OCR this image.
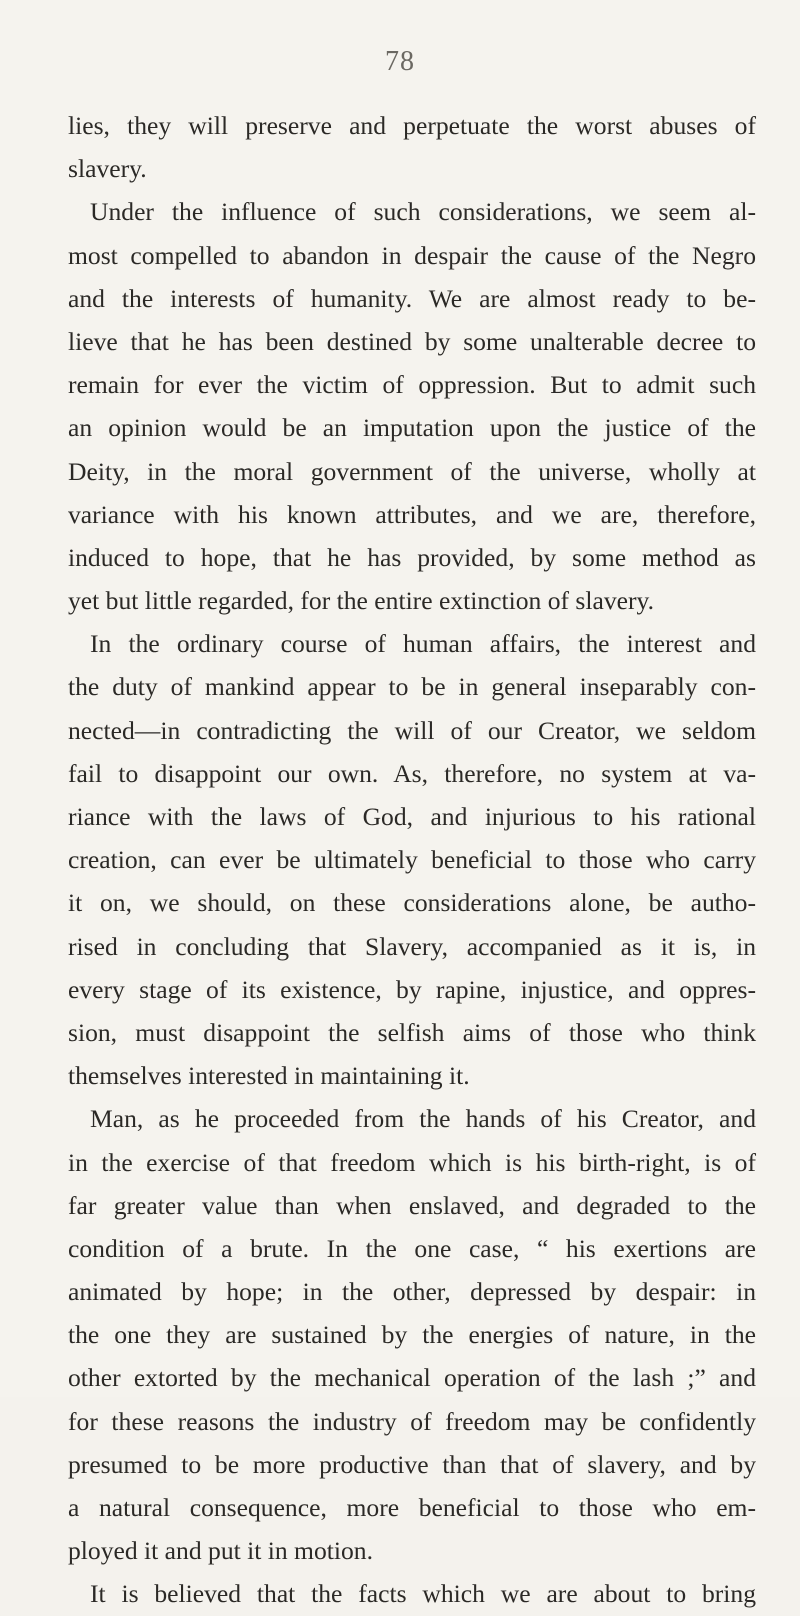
78
lies, they will preserve and perpetuate the worst abuses of
slavery.
Under the influence of such considerations, we seem al-
most compelled to abandon in despair the cause of the Negro
and the interests of humanity. We are almost ready to be-
lieve that he has been destined by some unalterable decree to
remain for ever the victim of oppression. But to admit such
an opinion would be an imputation upon the justice of the
Deity, in the moral government of the universe, wholly at
variance with his known attributes, and we are, therefore,
induced to hope, that he has provided, by some method as
yet but little regarded, for the entire extinction of slavery.
In the ordinary course of human affairs, the interest and
the duty of mankind appear to be in general inseparably con-
nected—in contradicting the will of our Creator, we seldom
fail to disappoint our own. As, therefore, no system at va-
riance with the laws of God, and injurious to his rational
creation, can ever be ultimately beneficial to those who carry
it on, we should, on these considerations alone, be autho-
rised in concluding that Slavery, accompanied as it is, in
every stage of its existence, by rapine, injustice, and oppres-
sion, must disappoint the selfish aims of those who think
themselves interested in maintaining it.
Man, as he proceeded from the hands of his Creator, and
in the exercise of that freedom which is his birth-right, is of
far greater value than when enslaved, and degraded to the
condition of a brute. In the one case, “ his exertions are
animated by hope; in the other, depressed by despair: in
the one they are sustained by the energies of nature, in the
other extorted by the mechanical operation of the lash ;” and
for these reasons the industry of freedom may be confidently
presumed to be more productive than that of slavery, and by
a natural consequence, more beneficial to those who em-
ployed it and put it in motion.
It is believed that the facts which we are about to bring
